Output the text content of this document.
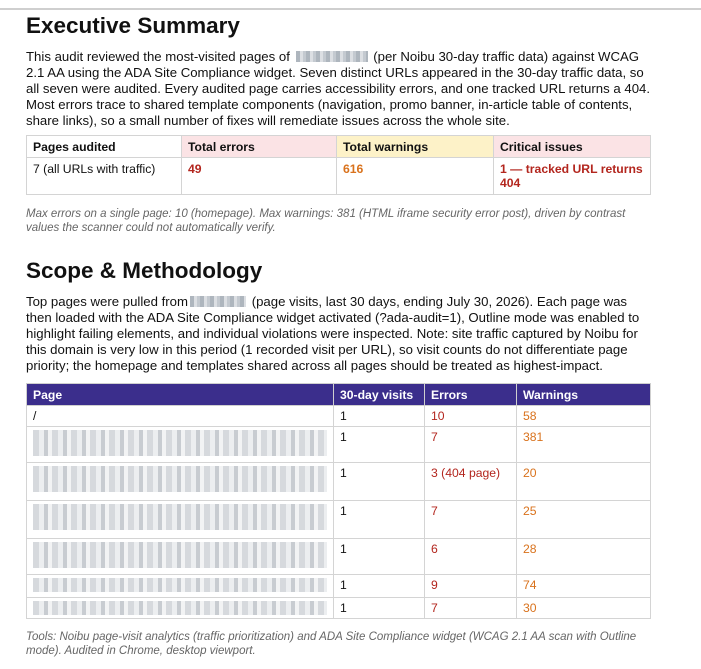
Executive Summary

This audit reviewed the most-visited pages of	(per Noibu 30-day traffic data) against WCAG 2.1 AA using the ADA Site Compliance widget. Seven distinct URLs appeared in the 30-day traffic data, so all seven were audited. Every audited page carries accessibility errors, and one tracked URL returns a 404. Most errors trace to shared template components (navigation, promo banner, in-article table of contents, share links), so a small number of fixes will remediate issues across the whole site.

Pages audited	Total errors	Total warnings	Critical issues
7 (all URLs with traffic)	49	616	1 — tracked URL returns 404

Max errors on a single page: 10 (homepage). Max warnings: 381 (HTML iframe security error post), driven by contrast values the scanner could not automatically verify.

Scope & Methodology

Top pages were pulled from	(page visits, last 30 days, ending July 30, 2026). Each page was then loaded with the ADA Site Compliance widget activated (?ada-audit=1), Outline mode was enabled to highlight failing elements, and individual violations were inspected. Note: site traffic captured by Noibu for this domain is very low in this period (1 recorded visit per URL), so visit counts do not differentiate page priority; the homepage and templates shared across all pages should be treated as highest-impact.

Page	30-day visits	Errors	Warnings
/	1	10	58

	1	7	381

	1	3 (404 page)	20

	1	7	25

	1	6	28

	1	9	74

	1	7	30

Tools: Noibu page-visit analytics (traffic prioritization) and ADA Site Compliance widget (WCAG 2.1 AA scan with Outline mode). Audited in Chrome, desktop viewport.
